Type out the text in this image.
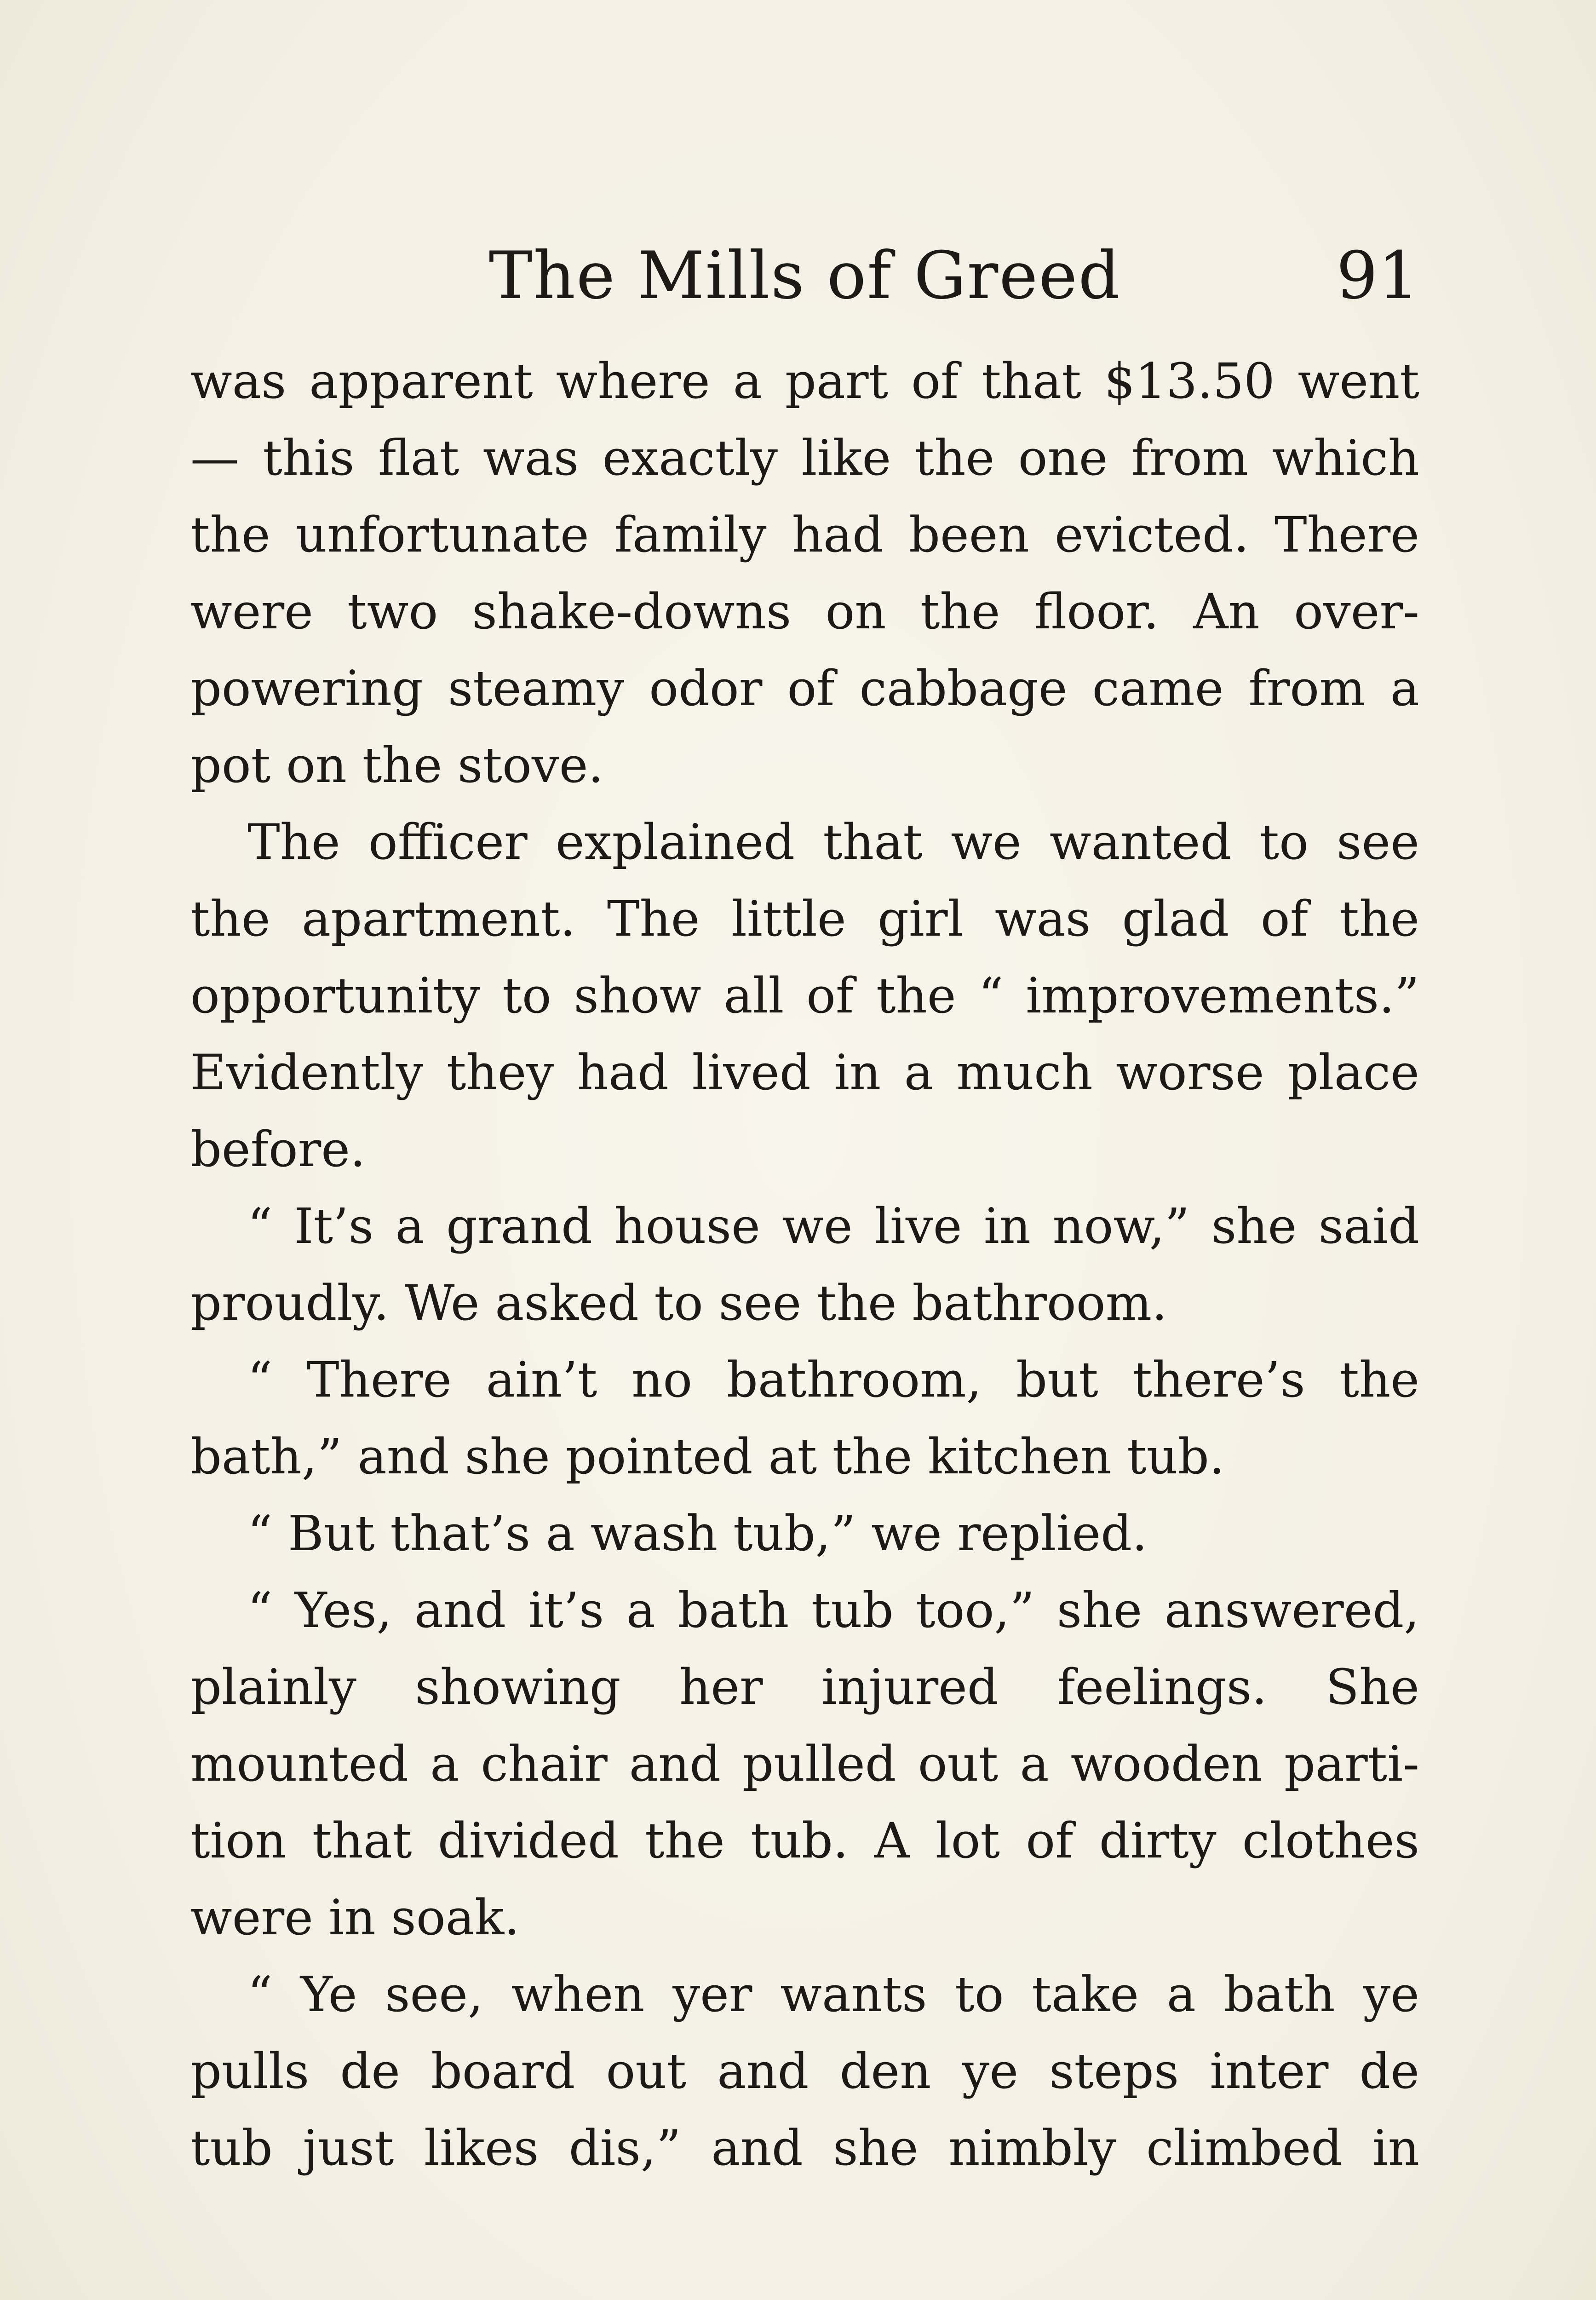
The Mills of Greed	91
was apparent where a part of that $13.50 went
— this flat was exactly like the one from which
the unfortunate family had been evicted. There
were two shake-downs on the floor. An over-
powering steamy odor of cabbage came from a
pot on the stove.
The officer explained that we wanted to see
the apartment. The little girl was glad of the
opportunity to show all of the “ improvements.”
Evidently they had lived in a much worse place
before.
“ It’s a grand house we live in now,” she said
proudly. We asked to see the bathroom.
“ There ain’t no bathroom, but there’s the
bath,” and she pointed at the kitchen tub.
“ But that’s a wash tub,” we replied.
“ Yes, and it’s a bath tub too,” she answered,
plainly showing her injured feelings. She
mounted a chair and pulled out a wooden parti-
tion that divided the tub. A lot of dirty clothes
were in soak.
“ Ye see, when yer wants to take a bath ye
pulls de board out and den ye steps inter de
tub just likes dis,” and she nimbly climbed in
